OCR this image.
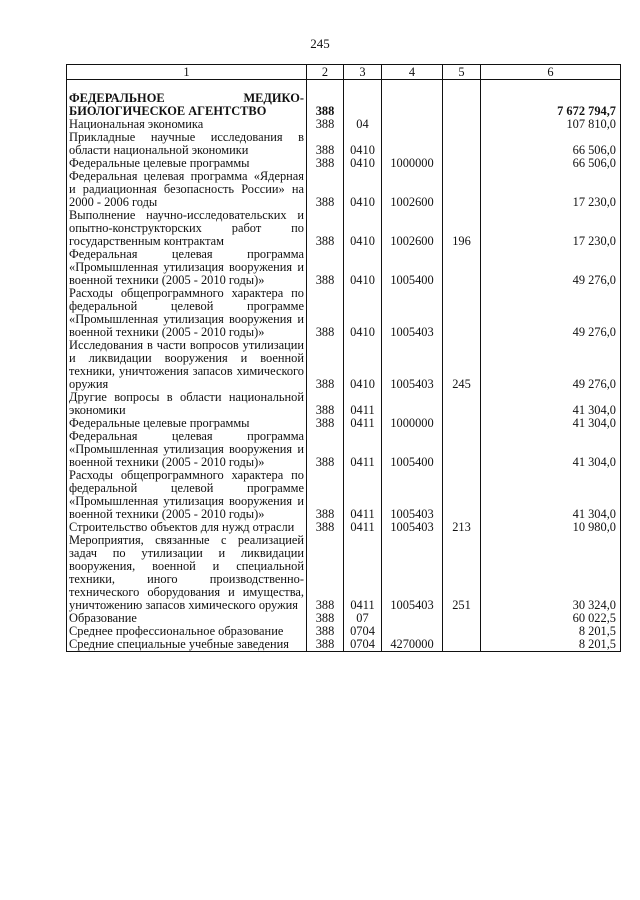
245
1	2	3	4	5	6

ФЕДЕРАЛЬНОЕ МЕДИКО-БИОЛОГИЧЕСКОЕ АГЕНТСТВО	388				7 672 794,7
Национальная экономика	388	04			107 810,0
Прикладные научные исследования в области национальной экономики	388	0410			66 506,0
Федеральные целевые программы	388	0410	1000000		66 506,0
Федеральная целевая программа «Ядерная и радиационная безопасность России» на 2000 - 2006 годы	388	0410	1002600		17 230,0
Выполнение научно-исследовательских и опытно-конструкторских работ по государственным контрактам	388	0410	1002600	196	17 230,0
Федеральная целевая программа «Промышленная утилизация вооружения и военной техники (2005 - 2010 годы)»	388	0410	1005400		49 276,0
Расходы общепрограммного характера по федеральной целевой программе «Промышленная утилизация вооружения и военной техники (2005 - 2010 годы)»	388	0410	1005403		49 276,0
Исследования в части вопросов утилизации и ликвидации вооружения и военной техники, уничтожения запасов химического оружия	388	0410	1005403	245	49 276,0
Другие вопросы в области национальной экономики	388	0411			41 304,0
Федеральные целевые программы	388	0411	1000000		41 304,0
Федеральная целевая программа «Промышленная утилизация вооружения и военной техники (2005 - 2010 годы)»	388	0411	1005400		41 304,0
Расходы общепрограммного характера по федеральной целевой программе «Промышленная утилизация вооружения и военной техники (2005 - 2010 годы)»	388	0411	1005403		41 304,0
Строительство объектов для нужд отрасли	388	0411	1005403	213	10 980,0
Мероприятия, связанные с реализацией задач по утилизации и ликвидации вооружения, военной и специальной техники, иного производственно-технического оборудования и имущества, уничтожению запасов химического оружия	388	0411	1005403	251	30 324,0
Образование	388	07			60 022,5
Среднее профессиональное образование	388	0704			8 201,5
Средние специальные учебные заведения	388	0704	4270000		8 201,5
